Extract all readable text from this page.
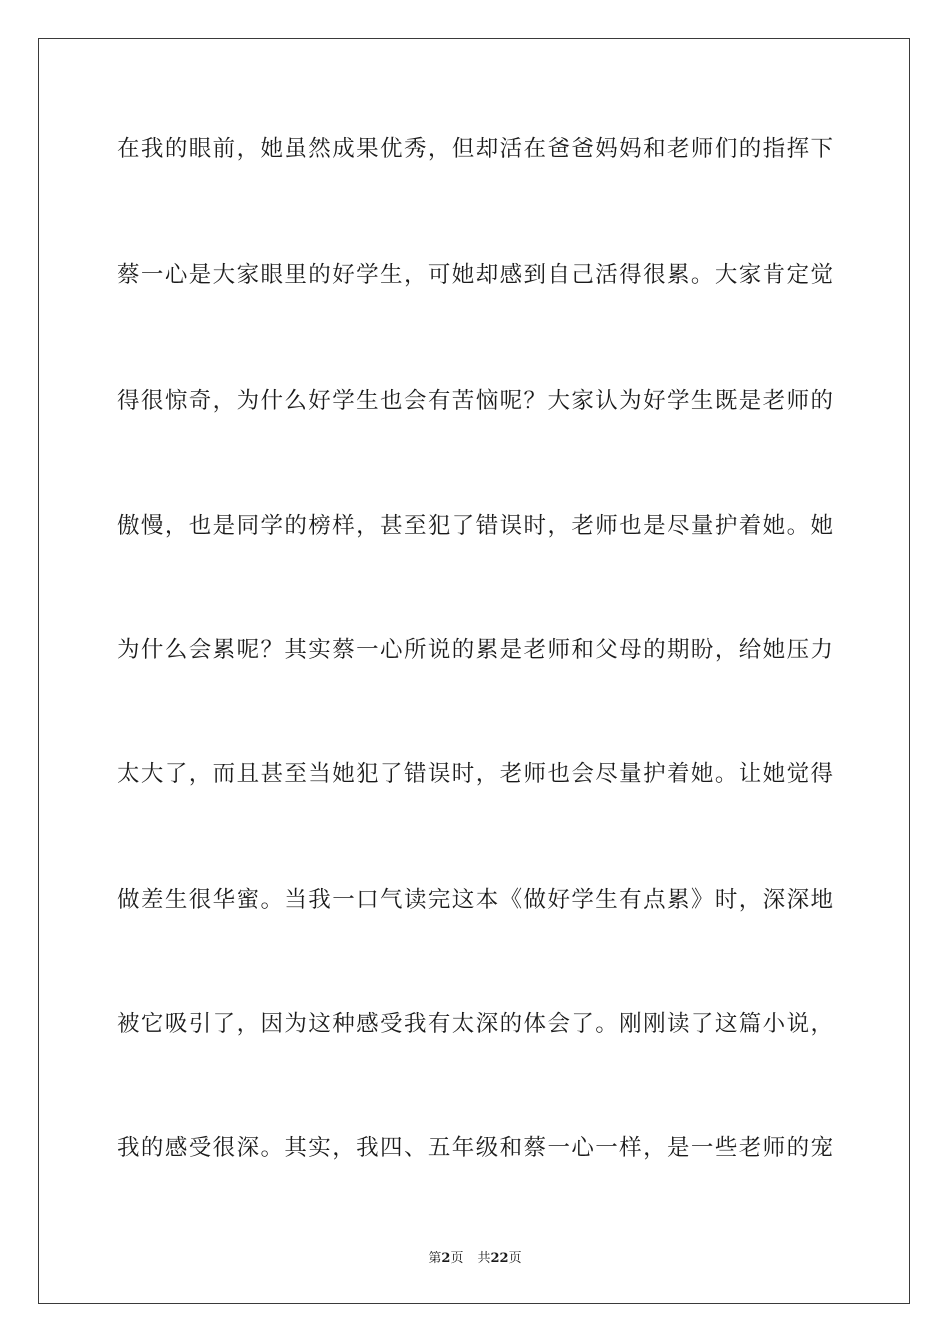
在我的眼前，她虽然成果优秀，但却活在爸爸妈妈和老师们的指挥下
蔡一心是大家眼里的好学生，可她却感到自己活得很累。大家肯定觉
得很惊奇，为什么好学生也会有苦恼呢？大家认为好学生既是老师的
傲慢，也是同学的榜样，甚至犯了错误时，老师也是尽量护着她。她
为什么会累呢？其实蔡一心所说的累是老师和父母的期盼，给她压力
太大了，而且甚至当她犯了错误时，老师也会尽量护着她。让她觉得
做差生很华蜜。当我一口气读完这本《做好学生有点累》时，深深地
被它吸引了，因为这种感受我有太深的体会了。刚刚读了这篇小说，
我的感受很深。其实，我四、五年级和蔡一心一样，是一些老师的宠
第2页 共22页
